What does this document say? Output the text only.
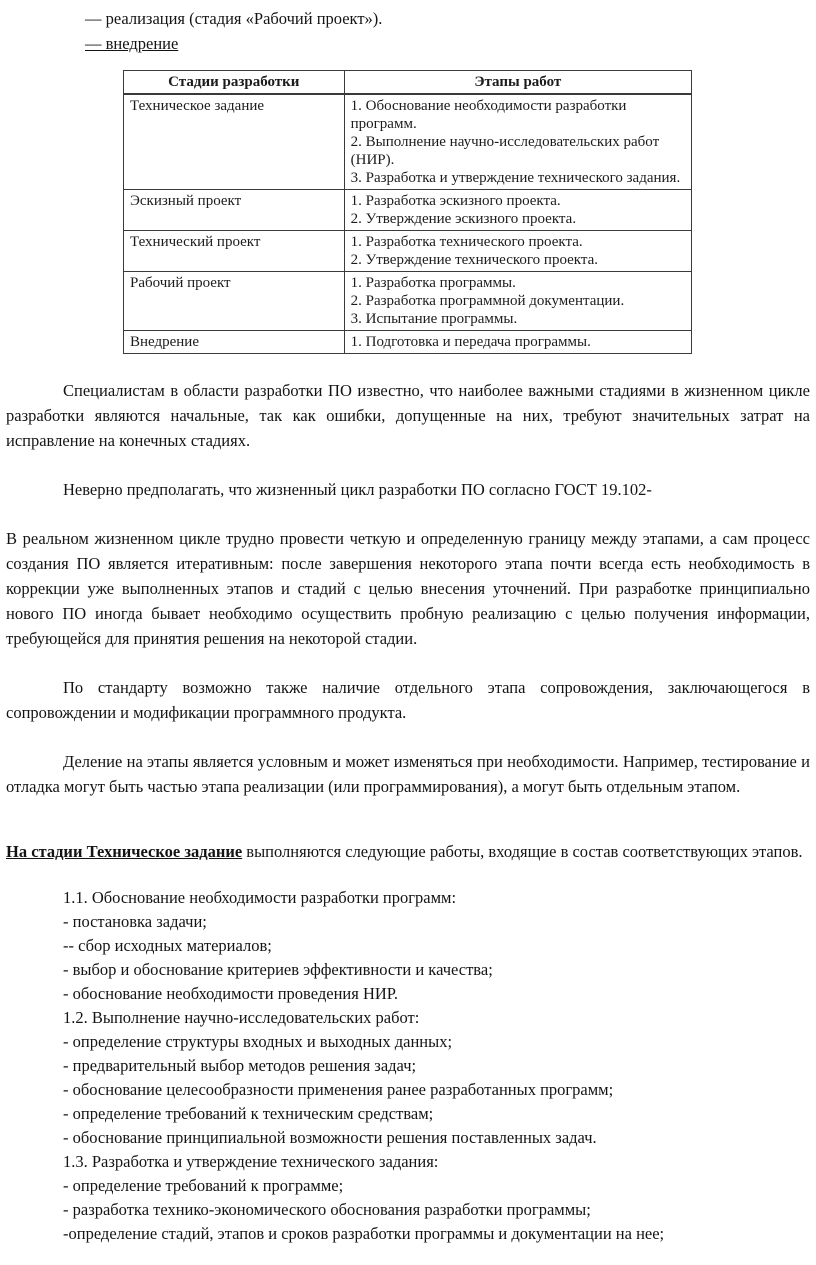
— реализация (стадия «Рабочий проект»).
— внедрение
Стадии разработки	Этапы работ
Техническое задание	1. Обоснование необходимости разработки программ.
2. Выполнение научно-исследовательских работ (НИР).
3. Разработка и утверждение технического задания.

Эскизный проект	1. Разработка эскизного проекта.
2. Утверждение эскизного проекта.

Технический проект	1. Разработка технического проекта.
2. Утверждение технического проекта.

Рабочий проект	1. Разработка программы.
2. Разработка программной документации.
3. Испытание программы.

Внедрение	1. Подготовка и передача программы.

Специалистам в области разработки ПО известно, что наиболее важными стадиями в жизненном цикле разработки являются начальные, так как ошибки, допущенные на них, требуют значительных затрат на исправление на конечных стадиях.

Неверно предполагать, что жизненный цикл разработки ПО согласно ГОСТ 19.102-

В реальном жизненном цикле трудно провести четкую и определенную границу между этапами, а сам процесс создания ПО является итеративным: после завершения некоторого этапа почти всегда есть необходимость в коррекции уже выполненных этапов и стадий с целью внесения уточнений. При разработке принципиально нового ПО иногда бывает необходимо осуществить пробную реализацию с целью получения информации, требующейся для принятия решения на некоторой стадии.

По стандарту возможно также наличие отдельного этапа сопровождения, заключающегося в сопровождении и модификации программного продукта.

Деление на этапы является условным и может изменяться при необходимости. Например, тестирование и отладка могут быть частью этапа реализации (или программирования), а могут быть отдельным этапом.

На стадии Техническое задание выполняются следующие работы, входящие в состав соответствующих этапов.

1.1. Обоснование необходимости разработки программ:
- постановка задачи;
-- сбор исходных материалов;
- выбор и обоснование критериев эффективности и качества;
- обоснование необходимости проведения НИР.
1.2. Выполнение научно-исследовательских работ:
- определение структуры входных и выходных данных;
- предварительный выбор методов решения задач;
- обоснование целесообразности применения ранее разработанных программ;
- определение требований к техническим средствам;
- обоснование принципиальной возможности решения поставленных задач.
1.3. Разработка и утверждение технического задания:
- определение требований к программе;
- разработка технико-экономического обоснования разработки программы;
-определение стадий, этапов и сроков разработки программы и документации на нее;
